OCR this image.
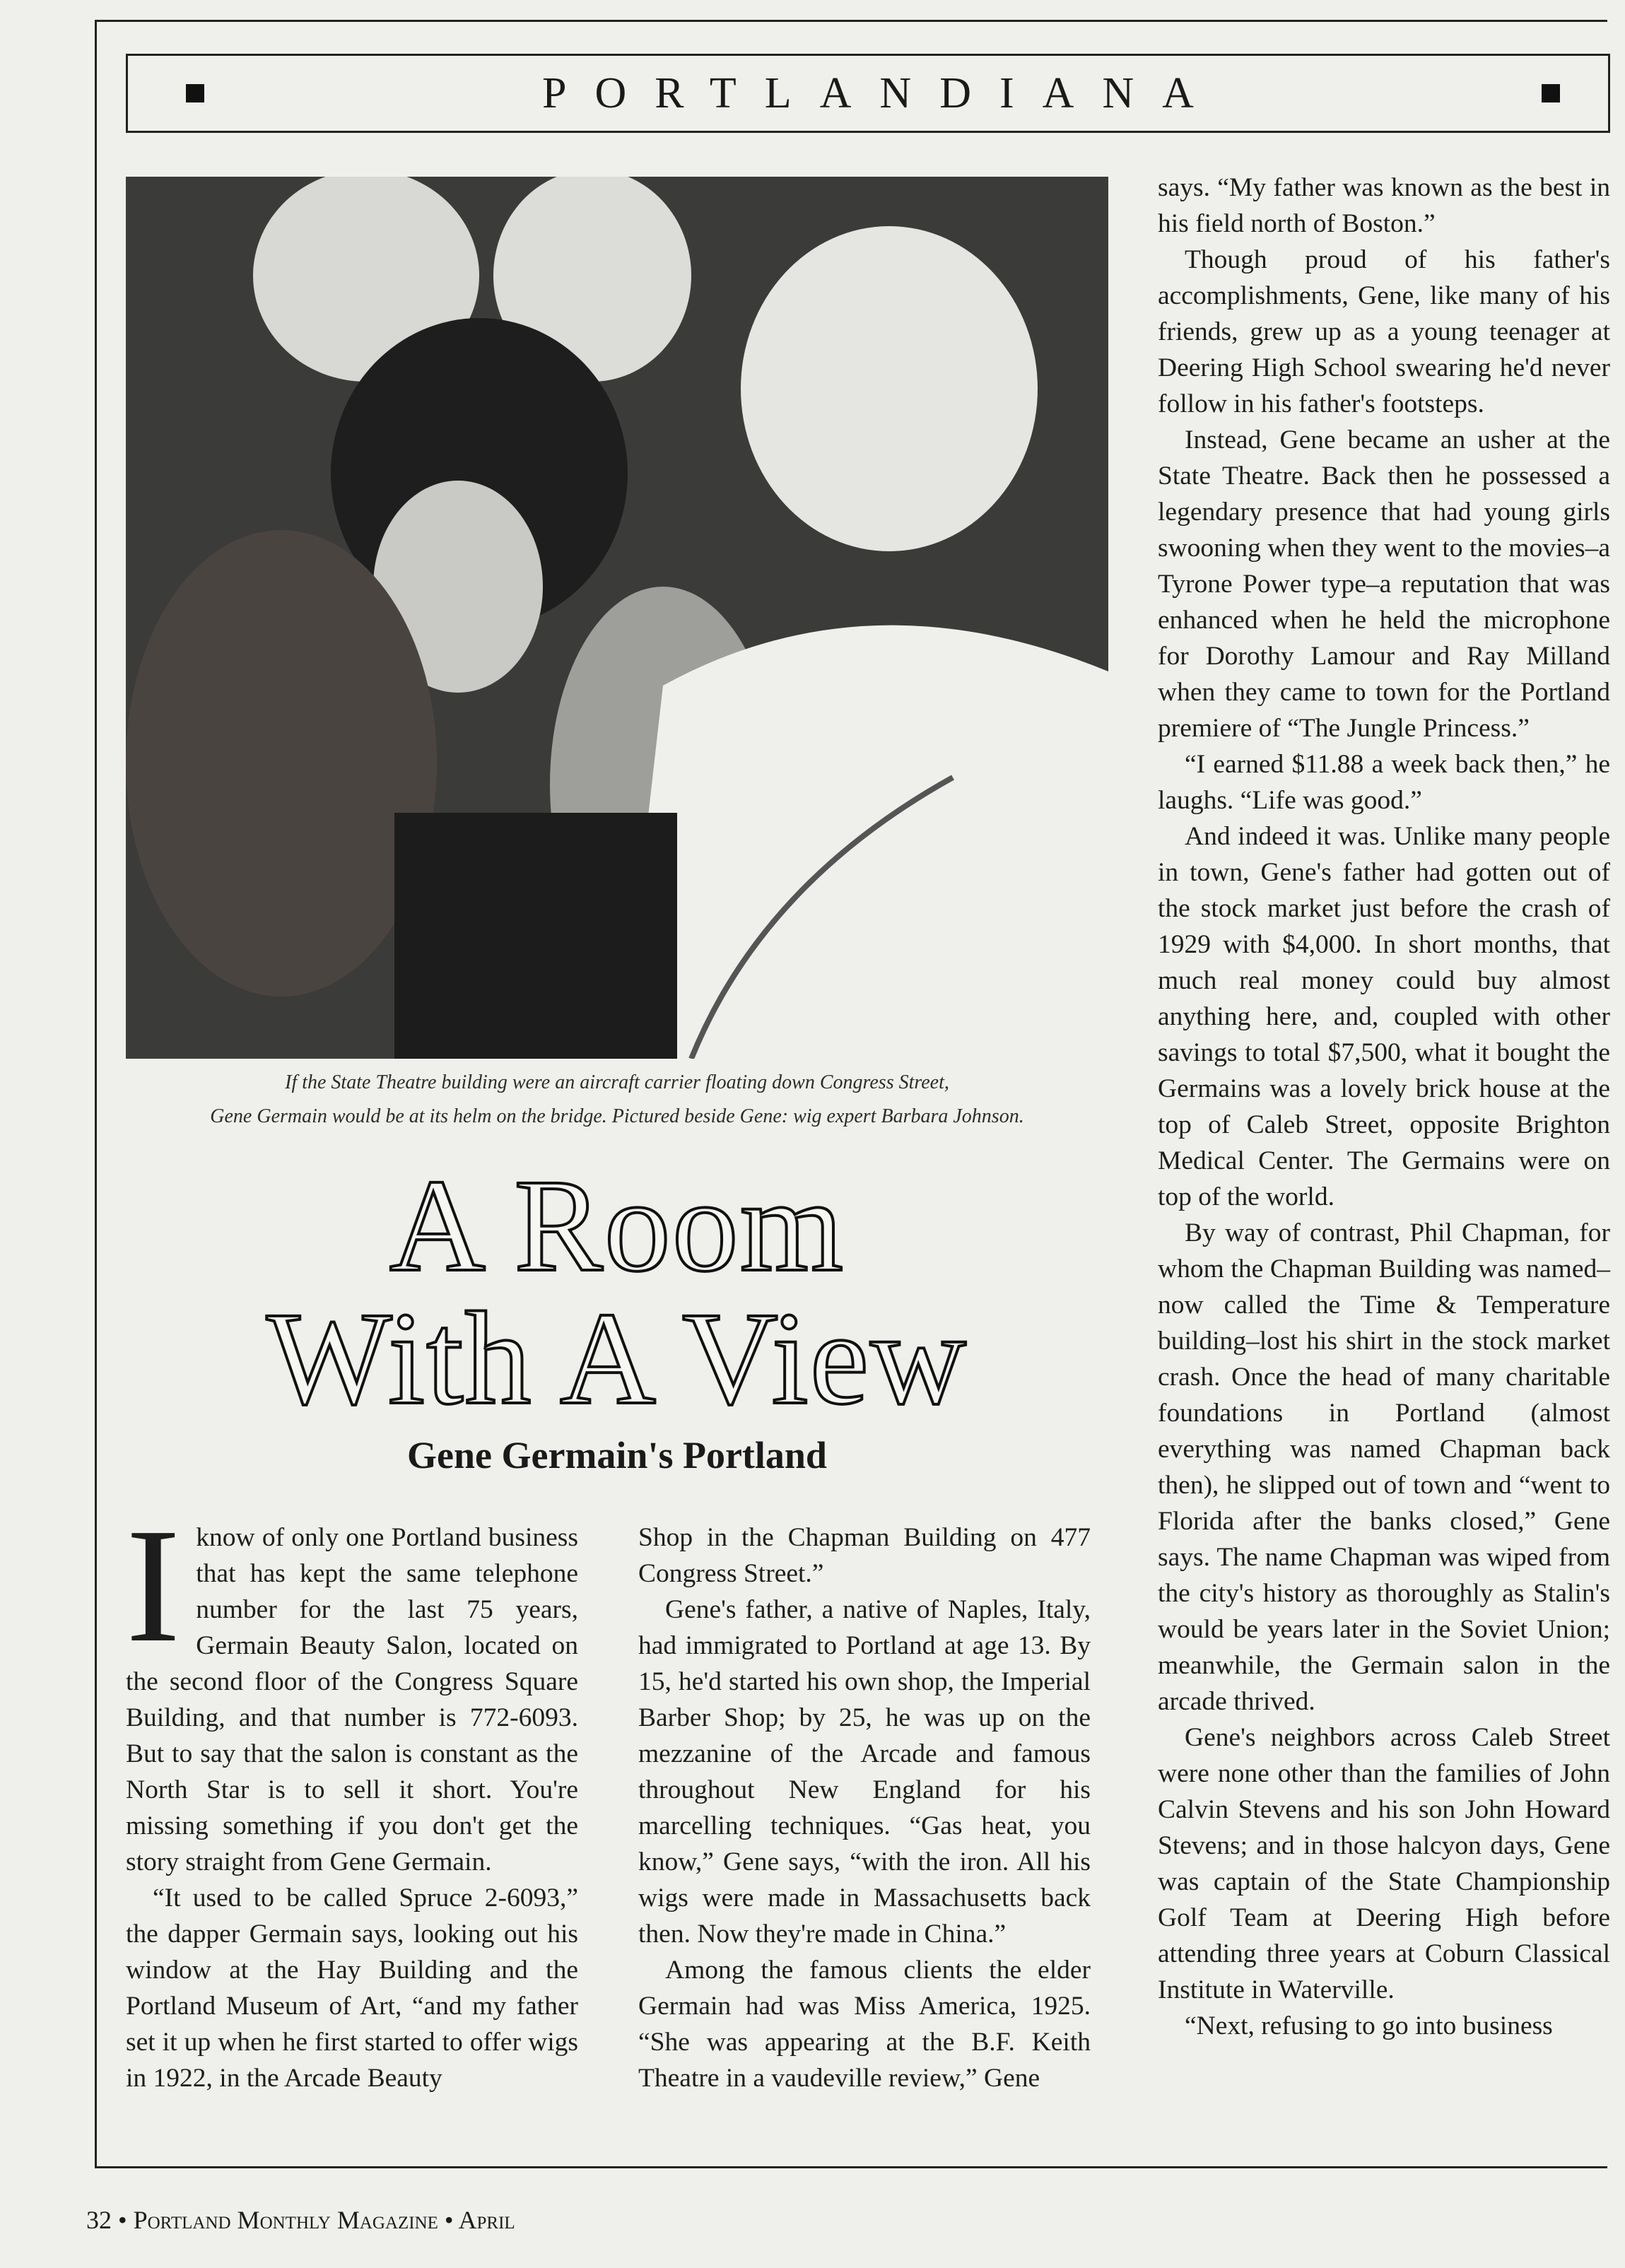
PORTLANDIANA
If the State Theatre building were an aircraft carrier floating down Congress Street,
Gene Germain would be at its helm on the bridge. Pictured beside Gene: wig expert Barbara Johnson.
A Room
With A View
Gene Germain's Portland

Iknow of only one Portland business that has kept the same telephone number for the last 75 years, Germain Beauty Salon, located on the second floor of the Congress Square Building, and that number is 772-6093. But to say that the salon is constant as the North Star is to sell it short. You're missing something if you don't get the story straight from Gene Germain.

“It used to be called Spruce 2-6093,” the dapper Germain says, looking out his window at the Hay Building and the Portland Museum of Art, “and my father set it up when he first started to offer wigs in 1922, in the Arcade Beauty

Shop in the Chapman Building on 477 Congress Street.”

Gene's father, a native of Naples, Italy, had immigrated to Portland at age 13. By 15, he'd started his own shop, the Imperial Barber Shop; by 25, he was up on the mezzanine of the Arcade and famous throughout New England for his marcelling techniques. “Gas heat, you know,” Gene says, “with the iron. All his wigs were made in Massachusetts back then. Now they're made in China.”

Among the famous clients the elder Germain had was Miss America, 1925. “She was appearing at the B.F. Keith Theatre in a vaudeville review,” Gene

says. “My father was known as the best in his field north of Boston.”

Though proud of his father's accomplishments, Gene, like many of his friends, grew up as a young teenager at Deering High School swearing he'd never follow in his father's footsteps.

Instead, Gene became an usher at the State Theatre. Back then he possessed a legendary presence that had young girls swooning when they went to the movies–a Tyrone Power type–a reputation that was enhanced when he held the microphone for Dorothy Lamour and Ray Milland when they came to town for the Portland premiere of “The Jungle Princess.”

“I earned $11.88 a week back then,” he laughs. “Life was good.”

And indeed it was. Unlike many people in town, Gene's father had gotten out of the stock market just before the crash of 1929 with $4,000. In short months, that much real money could buy almost anything here, and, coupled with other savings to total $7,500, what it bought the Germains was a lovely brick house at the top of Caleb Street, opposite Brighton Medical Center. The Germains were on top of the world.

By way of contrast, Phil Chapman, for whom the Chapman Building was named–now called the Time & Temperature building–lost his shirt in the stock market crash. Once the head of many charitable foundations in Portland (almost everything was named Chapman back then), he slipped out of town and “went to Florida after the banks closed,” Gene says. The name Chapman was wiped from the city's history as thoroughly as Stalin's would be years later in the Soviet Union; meanwhile, the Germain salon in the arcade thrived.

Gene's neighbors across Caleb Street were none other than the families of John Calvin Stevens and his son John Howard Stevens; and in those halcyon days, Gene was captain of the State Championship Golf Team at Deering High before attending three years at Coburn Classical Institute in Waterville.

“Next, refusing to go into business

32 • Portland Monthly Magazine • April
